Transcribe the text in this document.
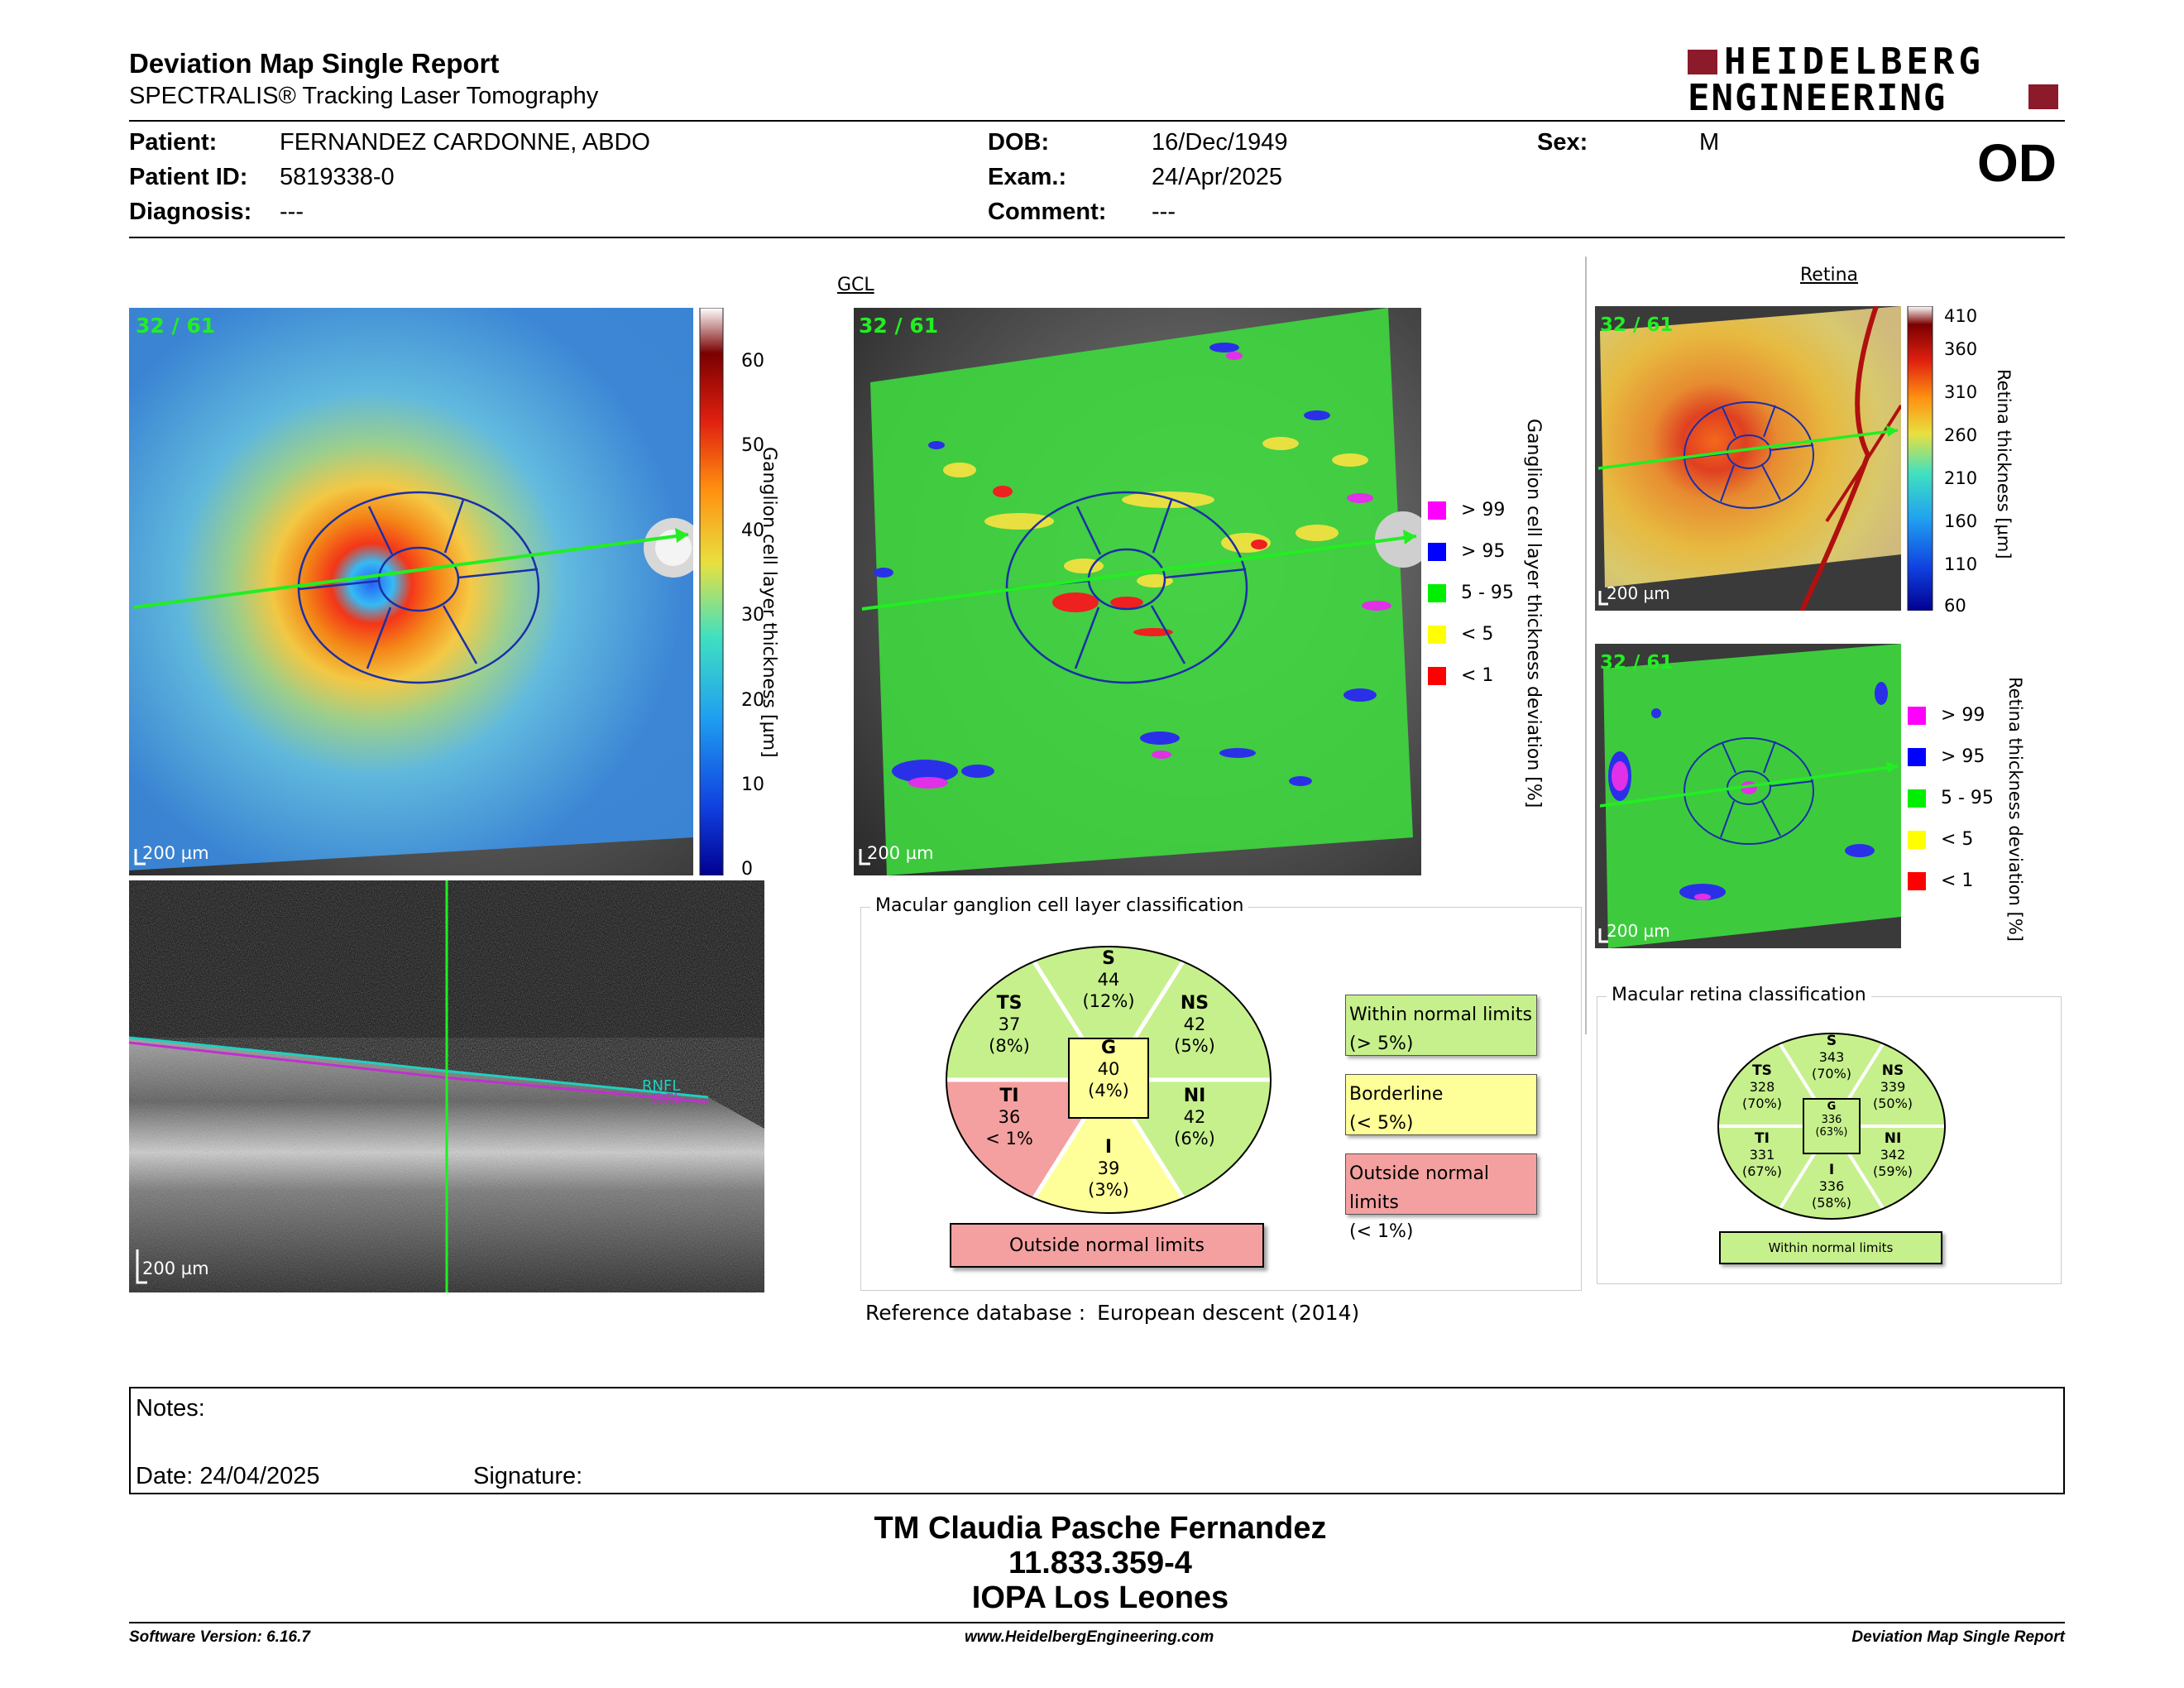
Deviation Map Single Report
SPECTRALIS® Tracking Laser Tomography
HEIDELBERG
ENGINEERING
Patient:	FERNANDEZ CARDONNE, ABDO
Patient ID: 5819338-0
Diagnosis: ---
DOB:	16/Dec/1949
Exam.:	24/Apr/2025
Comment: ---
Sex:	M	OD
32 / 61
200 µm
60
50
40
30
20
10
0
Ganglion cell layer thickness [µm]
GCL
32 / 61
200 µm
> 99
> 95
5 - 95
< 5
< 1 Ganglion cell layer thickness deviation [%]
Retina
32 / 61
200 µm
410
360
310
260
210
160
110
60
Retina thickness [µm]
32 / 61
200 µm
> 99
> 95
5 - 95
< 5
< 1 Retina thickness deviation [%]
RNFL
GCL
200 µm
Macular ganglion cell layer classification
S
44
(12%)
TS
37
(8%)
NS
42
(5%)
G
40
(4%)
TI
36
< 1%
NI
42
(6%)
I
39
(3%)
Outside normal limits
Within normal limits
(> 5%)
Borderline
(< 5%)
Outside normal limits
(< 1%)
Macular retina classification
S
343
(70%)
TS
328
(70%)
NS
339
(50%)
G
336
(63%)
TI
331
(67%)
NI
342
(59%)
I
336
(58%)
Within normal limits
Reference database : European descent (2014)
Notes:
Date: 24/04/2025	Signature:
TM Claudia Pasche Fernandez
11.833.359-4
IOPA Los Leones
Software Version: 6.16.7	www.HeidelbergEngineering.com	Deviation Map Single Report
